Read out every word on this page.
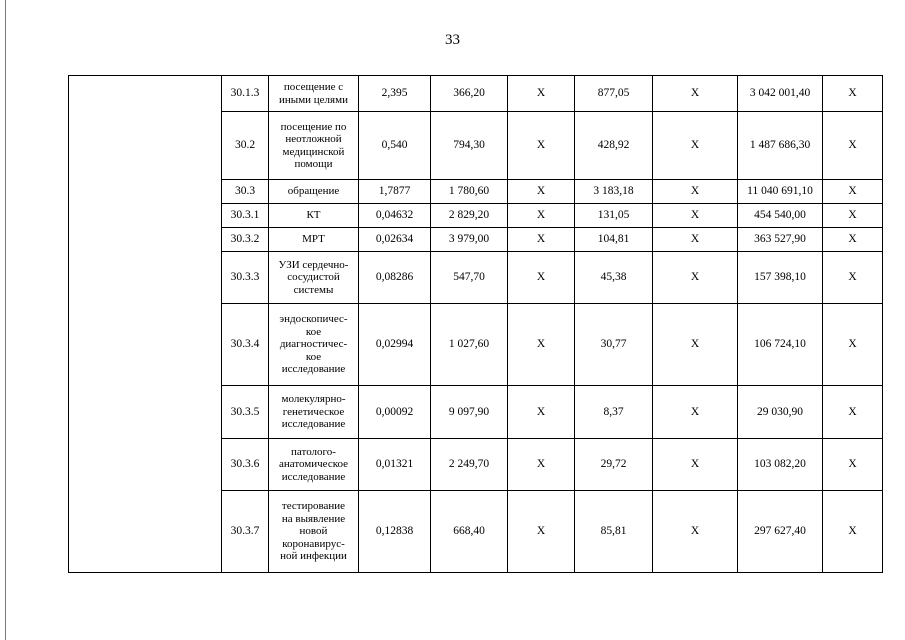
33
	30.1.3	посещение с
иными целями	2,395	366,20	X	877,05	X	3 042 001,40	X
	30.2	посещение по
неотложной
медицинской
помощи	0,540	794,30	X	428,92	X	1 487 686,30	X
	30.3	обращение	1,7877	1 780,60	X	3 183,18	X	11 040 691,10	X
	30.3.1	КТ	0,04632	2 829,20	X	131,05	X	454 540,00	X
	30.3.2	МРТ	0,02634	3 979,00	X	104,81	X	363 527,90	X
	30.3.3	УЗИ сердечно-
сосудистой
системы	0,08286	547,70	X	45,38	X	157 398,10	X
	30.3.4	эндоскопичес-
кое
диагностичес-
кое
исследование	0,02994	1 027,60	X	30,77	X	106 724,10	X
	30.3.5	молекулярно-
генетическое
исследование	0,00092	9 097,90	X	8,37	X	29 030,90	X
	30.3.6	патолого-
анатомическое
исследование	0,01321	2 249,70	X	29,72	X	103 082,20	X
	30.3.7	тестирование
на выявление
новой
коронавирус-
ной инфекции	0,12838	668,40	X	85,81	X	297 627,40	X
